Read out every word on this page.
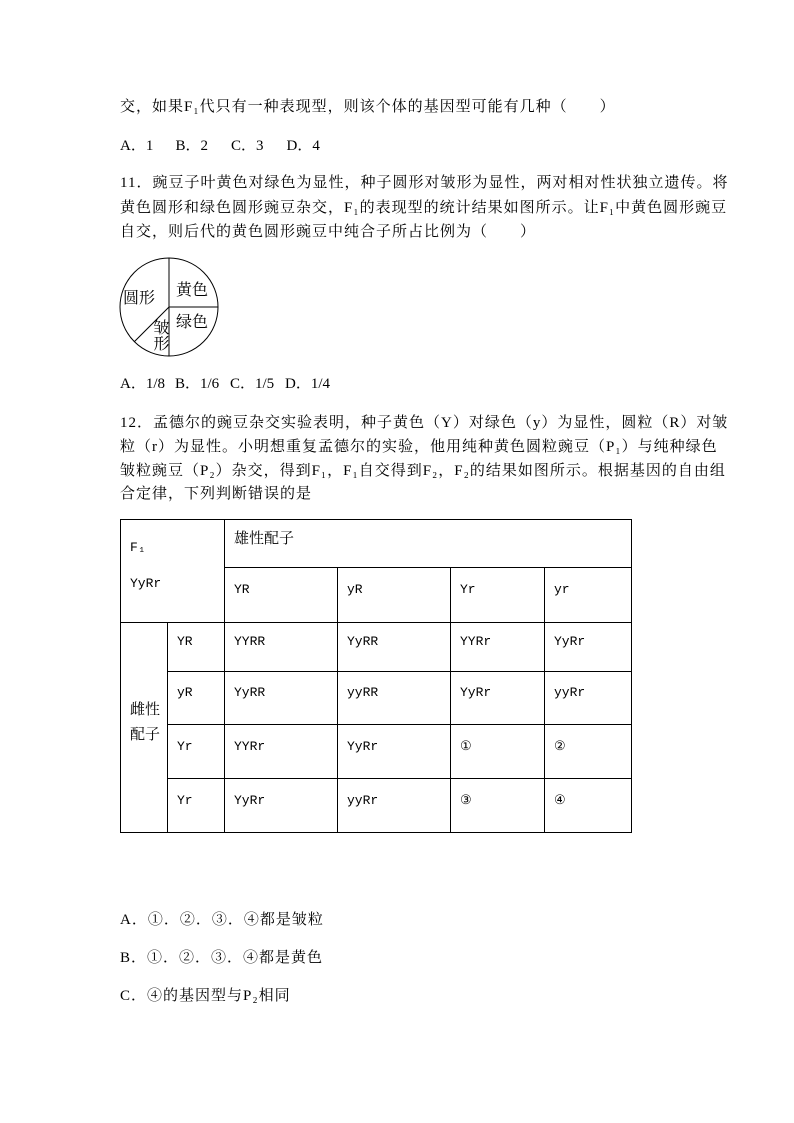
交，如果F₁代只有一种表现型，则该个体的基因型可能有几种（　　）
A．1	B．2	C．3	D．4
11．豌豆子叶黄色对绿色为显性，种子圆形对皱形为显性，两对相对性状独立遗传。将
黄色圆形和绿色圆形豌豆杂交，F₁的表现型的统计结果如图所示。让F₁中黄色圆形豌豆
自交，则后代的黄色圆形豌豆中纯合子所占比例为（　　）
圆形 黄色
绿色
皱形
A．1/8 B．1/6 C．1/5 D．1/4
12．孟德尔的豌豆杂交实验表明，种子黄色（Y）对绿色（y）为显性，圆粒（R）对皱
粒（r）为显性。小明想重复孟德尔的实验，他用纯种黄色圆粒豌豆（P₁）与纯种绿色
皱粒豌豆（P₂）杂交，得到F₁，F₁自交得到F₂，F₂的结果如图所示。根据基因的自由组
合定律，下列判断错误的是
F₁
YyRr		雄性配子			
		YR	yR	Yr	yr

雌性配子	YR	YYRR	YyRR	YYRr	YyRr
	yR	YyRR	yyRR	YyRr	yyRr
	Yr	YYRr	YyRr	①	②
	Yr	YyRr	yyRr	③	④
A．①．②．③．④都是皱粒
B．①．②．③．④都是黄色
C．④的基因型与P₂相同
